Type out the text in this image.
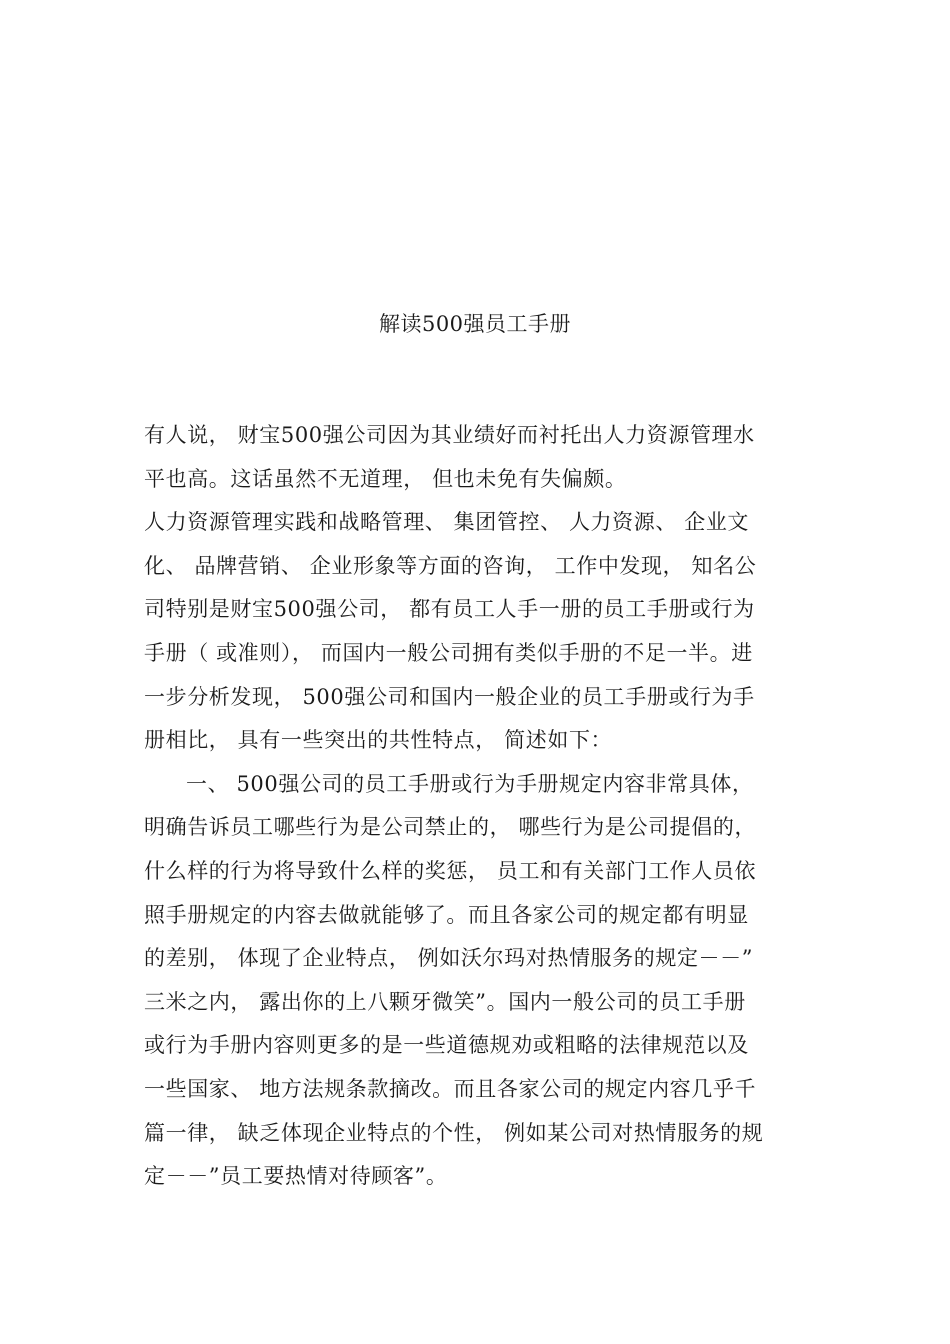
解读500强员工手册
有人说， 财宝500强公司因为其业绩好而衬托出人力资源管理水
平也高。这话虽然不无道理， 但也未免有失偏颇。
人力资源管理实践和战略管理、 集团管控、 人力资源、 企业文
化、 品牌营销、 企业形象等方面的咨询， 工作中发现， 知名公
司特别是财宝500强公司， 都有员工人手一册的员工手册或行为
手册（ 或准则）， 而国内一般公司拥有类似手册的不足一半。进
一步分析发现， 500强公司和国内一般企业的员工手册或行为手
册相比， 具有一些突出的共性特点， 简述如下：
一、 500强公司的员工手册或行为手册规定内容非常具体，
明确告诉员工哪些行为是公司禁止的， 哪些行为是公司提倡的，
什么样的行为将导致什么样的奖惩， 员工和有关部门工作人员依
照手册规定的内容去做就能够了。而且各家公司的规定都有明显
的差别， 体现了企业特点， 例如沃尔玛对热情服务的规定－－”
三米之内， 露出你的上八颗牙微笑”。国内一般公司的员工手册
或行为手册内容则更多的是一些道德规劝或粗略的法律规范以及
一些国家、 地方法规条款摘改。而且各家公司的规定内容几乎千
篇一律， 缺乏体现企业特点的个性， 例如某公司对热情服务的规
定－－”员工要热情对待顾客”。
